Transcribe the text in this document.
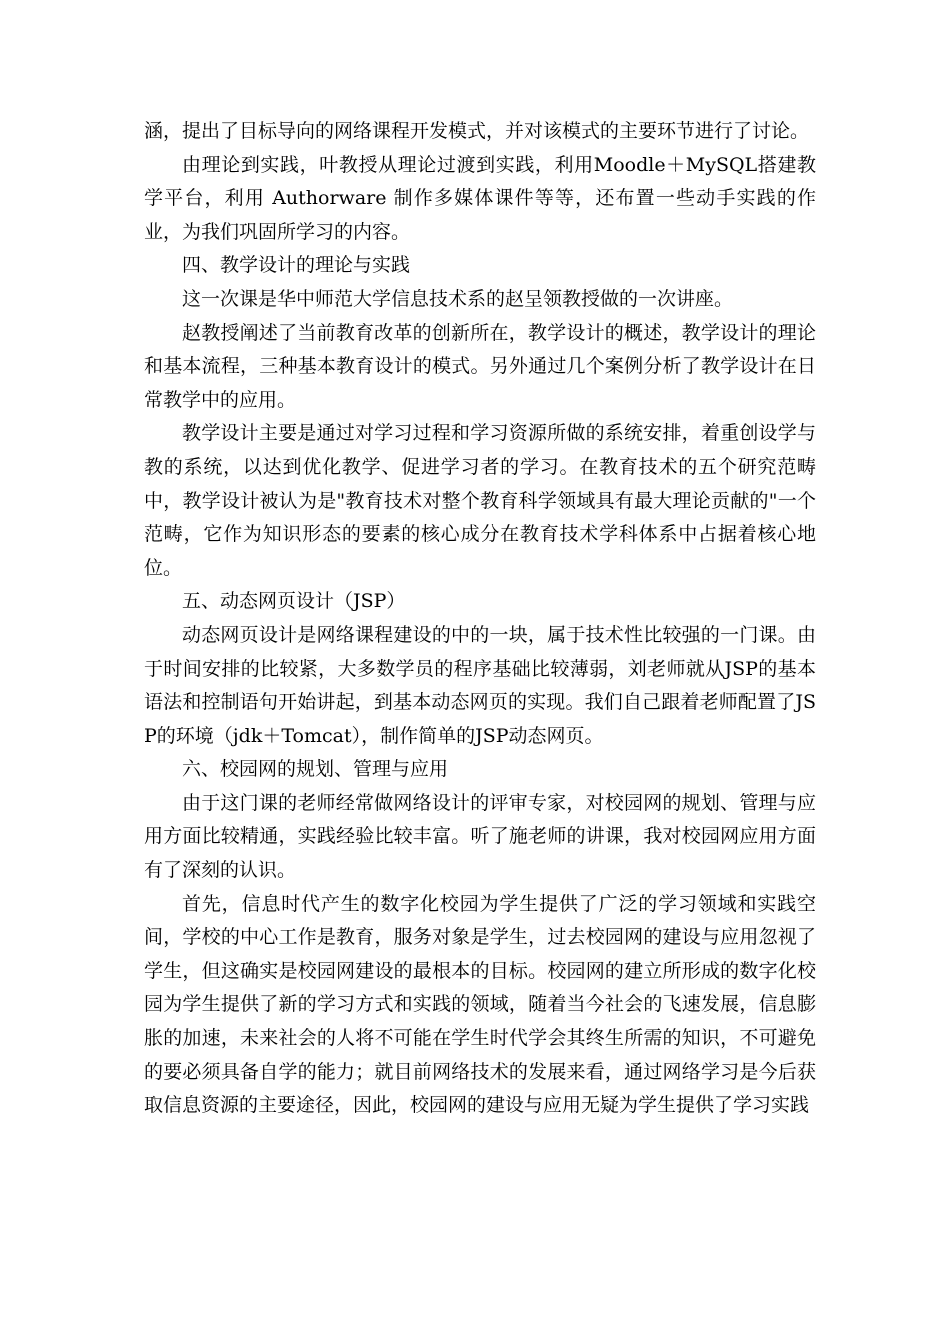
涵，提出了目标导向的网络课程开发模式，并对该模式的主要环节进行了讨论。

由理论到实践，叶教授从理论过渡到实践，利用Moodle＋MySQL搭建教学平台，利用 Authorware 制作多媒体课件等等，还布置一些动手实践的作业，为我们巩固所学习的内容。

四、教学设计的理论与实践

这一次课是华中师范大学信息技术系的赵呈领教授做的一次讲座。

赵教授阐述了当前教育改革的创新所在，教学设计的概述，教学设计的理论和基本流程，三种基本教育设计的模式。另外通过几个案例分析了教学设计在日常教学中的应用。

教学设计主要是通过对学习过程和学习资源所做的系统安排，着重创设学与教的系统，以达到优化教学、促进学习者的学习。在教育技术的五个研究范畴中，教学设计被认为是"教育技术对整个教育科学领域具有最大理论贡献的"一个范畴，它作为知识形态的要素的核心成分在教育技术学科体系中占据着核心地位。

五、动态网页设计（JSP）

动态网页设计是网络课程建设的中的一块，属于技术性比较强的一门课。由于时间安排的比较紧，大多数学员的程序基础比较薄弱，刘老师就从JSP的基本语法和控制语句开始讲起，到基本动态网页的实现。我们自己跟着老师配置了JSP的环境（jdk＋Tomcat），制作简单的JSP动态网页。

六、校园网的规划、管理与应用

由于这门课的老师经常做网络设计的评审专家，对校园网的规划、管理与应用方面比较精通，实践经验比较丰富。听了施老师的讲课，我对校园网应用方面有了深刻的认识。

首先，信息时代产生的数字化校园为学生提供了广泛的学习领域和实践空间，学校的中心工作是教育，服务对象是学生，过去校园网的建设与应用忽视了学生，但这确实是校园网建设的最根本的目标。校园网的建立所形成的数字化校园为学生提供了新的学习方式和实践的领域，随着当今社会的飞速发展，信息膨胀的加速，未来社会的人将不可能在学生时代学会其终生所需的知识，不可避免的要必须具备自学的能力；就目前网络技术的发展来看，通过网络学习是今后获取信息资源的主要途径，因此，校园网的建设与应用无疑为学生提供了学习实践
